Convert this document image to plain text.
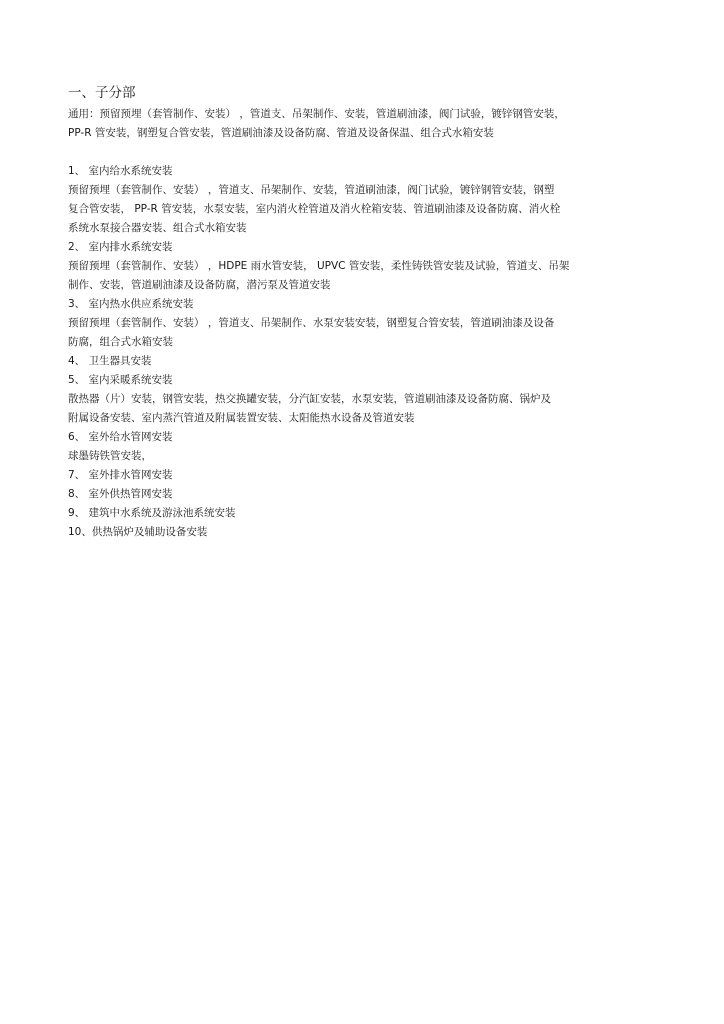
一、子分部

通用：预留预埋（套管制作、安装） ，管道支、吊架制作、安装，管道刷油漆，阀门试验，镀锌钢管安装，

PP-R 管安装，钢塑复合管安装，管道刷油漆及设备防腐、管道及设备保温、组合式水箱安装

1、 室内给水系统安装

预留预埋（套管制作、安装） ，管道支、吊架制作、安装，管道刷油漆，阀门试验，镀锌钢管安装，钢塑

复合管安装， PP-R 管安装，水泵安装，室内消火栓管道及消火栓箱安装、管道刷油漆及设备防腐、消火栓

系统水泵接合器安装、组合式水箱安装

2、 室内排水系统安装

预留预埋（套管制作、安装） ，HDPE 雨水管安装， UPVC 管安装，柔性铸铁管安装及试验，管道支、吊架

制作、安装，管道刷油漆及设备防腐，潜污泵及管道安装

3、 室内热水供应系统安装

预留预埋（套管制作、安装） ，管道支、吊架制作、水泵安装安装，钢塑复合管安装，管道刷油漆及设备

防腐，组合式水箱安装

4、 卫生器具安装

5、 室内采暖系统安装

散热器（片）安装，钢管安装，热交换罐安装，分汽缸安装，水泵安装，管道刷油漆及设备防腐、锅炉及

附属设备安装、室内蒸汽管道及附属装置安装、太阳能热水设备及管道安装

6、 室外给水管网安装

球墨铸铁管安装，

7、 室外排水管网安装

8、 室外供热管网安装

9、 建筑中水系统及游泳池系统安装

10、供热锅炉及辅助设备安装
